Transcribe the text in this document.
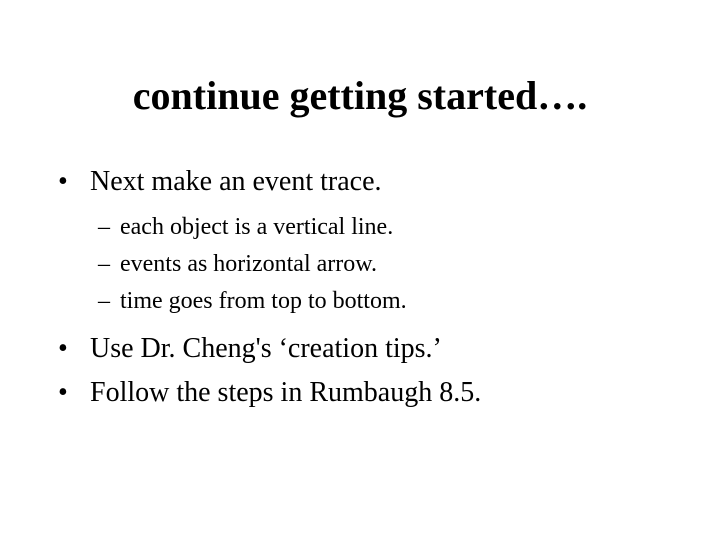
continue getting started….
• Next make an event trace.
– each object is a vertical line.
– events as horizontal arrow.
– time goes from top to bottom.
• Use Dr. Cheng's ‘creation tips.’
• Follow the steps in Rumbaugh 8.5.
